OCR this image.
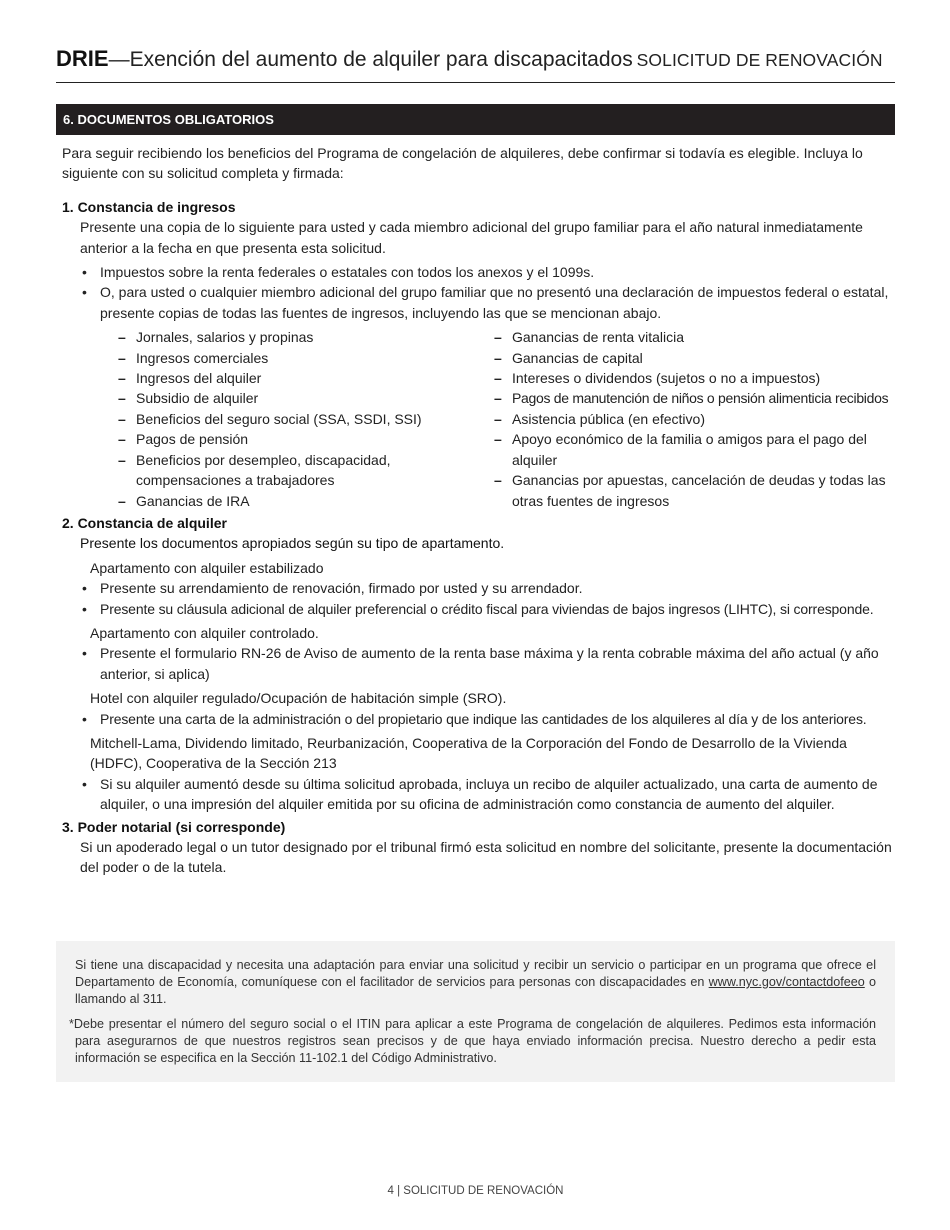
DRIE—Exención del aumento de alquiler para discapacitados SOLICITUD DE RENOVACIÓN
6. DOCUMENTOS OBLIGATORIOS

Para seguir recibiendo los beneficios del Programa de congelación de alquileres, debe confirmar si todavía es elegible. Incluya lo siguiente con su solicitud completa y firmada:

1. Constancia de ingresos

Presente una copia de lo siguiente para usted y cada miembro adicional del grupo familiar para el año natural inmediatamente anterior a la fecha en que presenta esta solicitud.

• Impuestos sobre la renta federales o estatales con todos los anexos y el 1099s.
• O, para usted o cualquier miembro adicional del grupo familiar que no presentó una declaración de impuestos federal o estatal, presente copias de todas las fuentes de ingresos, incluyendo las que se mencionan abajo.
– Jornales, salarios y propinas
– Ingresos comerciales
– Ingresos del alquiler
– Subsidio de alquiler
– Beneficios del seguro social (SSA, SSDI, SSI)
– Pagos de pensión
– Beneficios por desempleo, discapacidad, compensaciones a trabajadores
– Ganancias de IRA
– Ganancias de renta vitalicia
– Ganancias de capital
– Intereses o dividendos (sujetos o no a impuestos)
– Pagos de manutención de niños o pensión alimenticia recibidos
– Asistencia pública (en efectivo)
– Apoyo económico de la familia o amigos para el pago del alquiler
– Ganancias por apuestas, cancelación de deudas y todas las otras fuentes de ingresos

2. Constancia de alquiler

Presente los documentos apropiados según su tipo de apartamento.

Apartamento con alquiler estabilizado

• Presente su arrendamiento de renovación, firmado por usted y su arrendador.
• Presente su cláusula adicional de alquiler preferencial o crédito fiscal para viviendas de bajos ingresos (LIHTC), si corresponde.

Apartamento con alquiler controlado.

• Presente el formulario RN-26 de Aviso de aumento de la renta base máxima y la renta cobrable máxima del año actual (y año anterior, si aplica)

Hotel con alquiler regulado/Ocupación de habitación simple (SRO).

• Presente una carta de la administración o del propietario que indique las cantidades de los alquileres al día y de los anteriores.

Mitchell-Lama, Dividendo limitado, Reurbanización, Cooperativa de la Corporación del Fondo de Desarrollo de la Vivienda (HDFC), Cooperativa de la Sección 213

• Si su alquiler aumentó desde su última solicitud aprobada, incluya un recibo de alquiler actualizado, una carta de aumento de alquiler, o una impresión del alquiler emitida por su oficina de administración como constancia de aumento del alquiler.

3. Poder notarial (si corresponde)

Si un apoderado legal o un tutor designado por el tribunal firmó esta solicitud en nombre del solicitante, presente la documentación del poder o de la tutela.

Si tiene una discapacidad y necesita una adaptación para enviar una solicitud y recibir un servicio o participar en un programa que ofrece el Departamento de Economía, comuníquese con el facilitador de servicios para personas con discapacidades en www.nyc.gov/contactdofeeo o llamando al 311.

*Debe presentar el número del seguro social o el ITIN para aplicar a este Programa de congelación de alquileres. Pedimos esta información para asegurarnos de que nuestros registros sean precisos y de que haya enviado información precisa. Nuestro derecho a pedir esta información se especifica en la Sección 11-102.1 del Código Administrativo.

4 | SOLICITUD DE RENOVACIÓN
